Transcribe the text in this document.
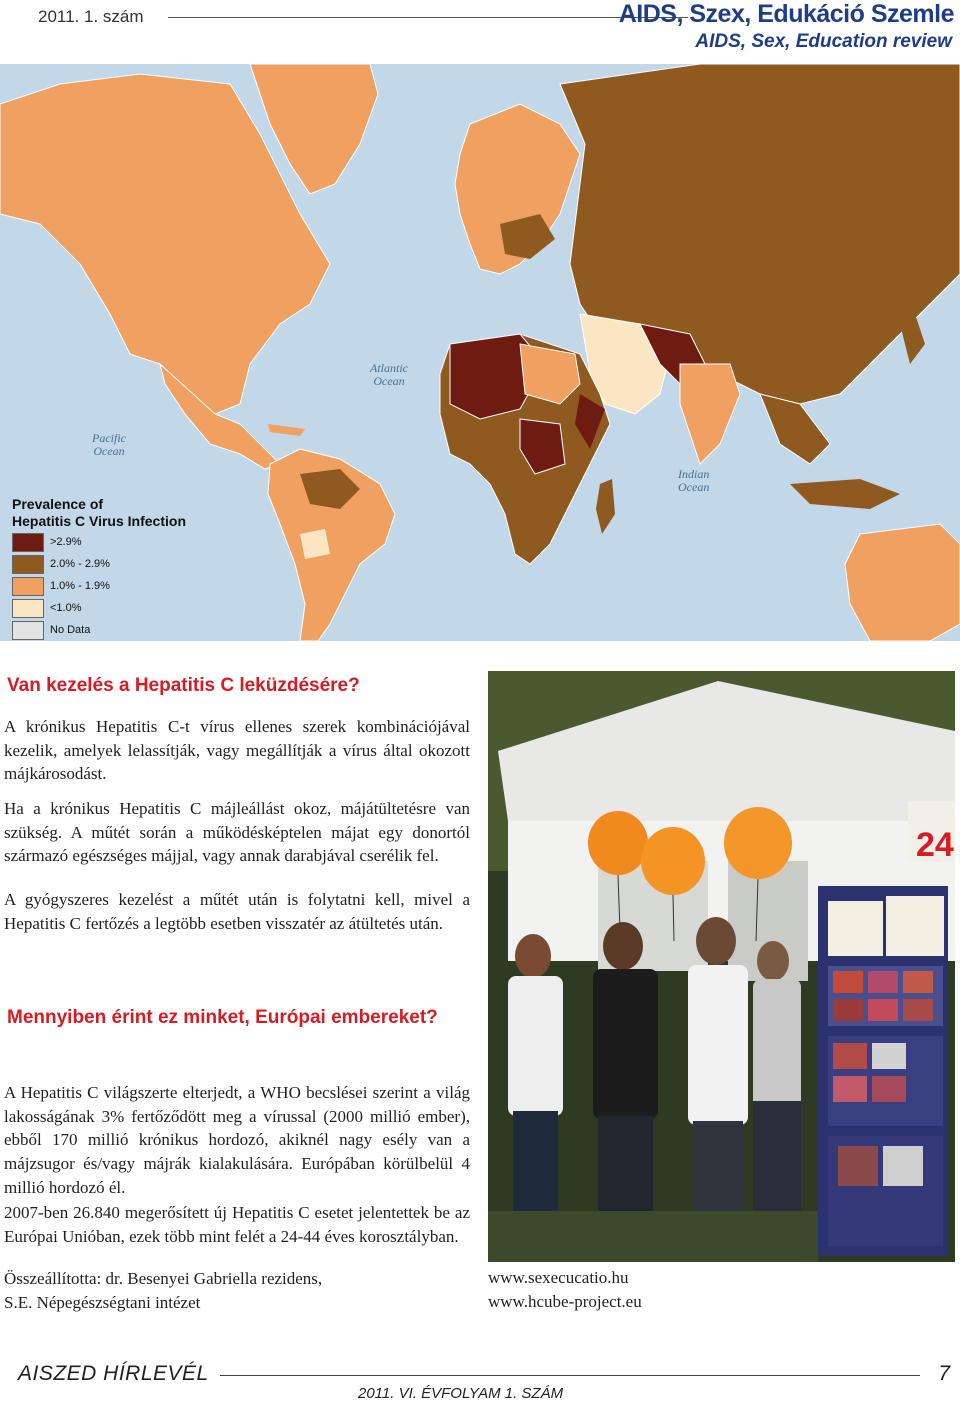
2011. 1. szám	AIDS, Szex, Edukáció Szemle
AIDS, Sex, Education review
Atlantic
Ocean
Pacific
Ocean
Indian
Ocean
Prevalence of
Hepatitis C Virus Infection
>2.9%
2.0% - 2.9%
1.0% - 1.9%
<1.0%
No Data
Van kezelés a Hepatitis C leküzdésére?
A krónikus Hepatitis C-t vírus ellenes szerek kombinációjával kezelik, amelyek lelassítják, vagy megállítják a vírus által okozott májkárosodást.
Ha a krónikus Hepatitis C májleállást okoz, májátültetésre van szükség. A műtét során a működésképtelen májat egy donortól származó egészséges májjal, vagy annak darabjával cserélik fel.
A gyógyszeres kezelést a műtét után is folytatni kell, mivel a Hepatitis C fertőzés a legtöbb esetben visszatér az átültetés után.
Mennyiben érint ez minket, Európai embereket?
A Hepatitis C világszerte elterjedt, a WHO becslései szerint a világ lakosságának 3% fertőződött meg a vírussal (2000 millió ember), ebből 170 millió krónikus hordozó, akiknél nagy esély van a májzsugor és/vagy májrák kialakulására. Európában körülbelül 4 millió hordozó él.
2007-ben 26.840 megerősített új Hepatitis C esetet jelentettek be az Európai Unióban, ezek több mint felét a 24-44 éves korosztályban.
Összeállította: dr. Besenyei Gabriella rezidens,
S.E. Népegészségtani intézet
24
www.sexecucatio.hu
www.hcube-project.eu
AISZED HÍRLEVÉL	7
2011. VI. ÉVFOLYAM 1. SZÁM
